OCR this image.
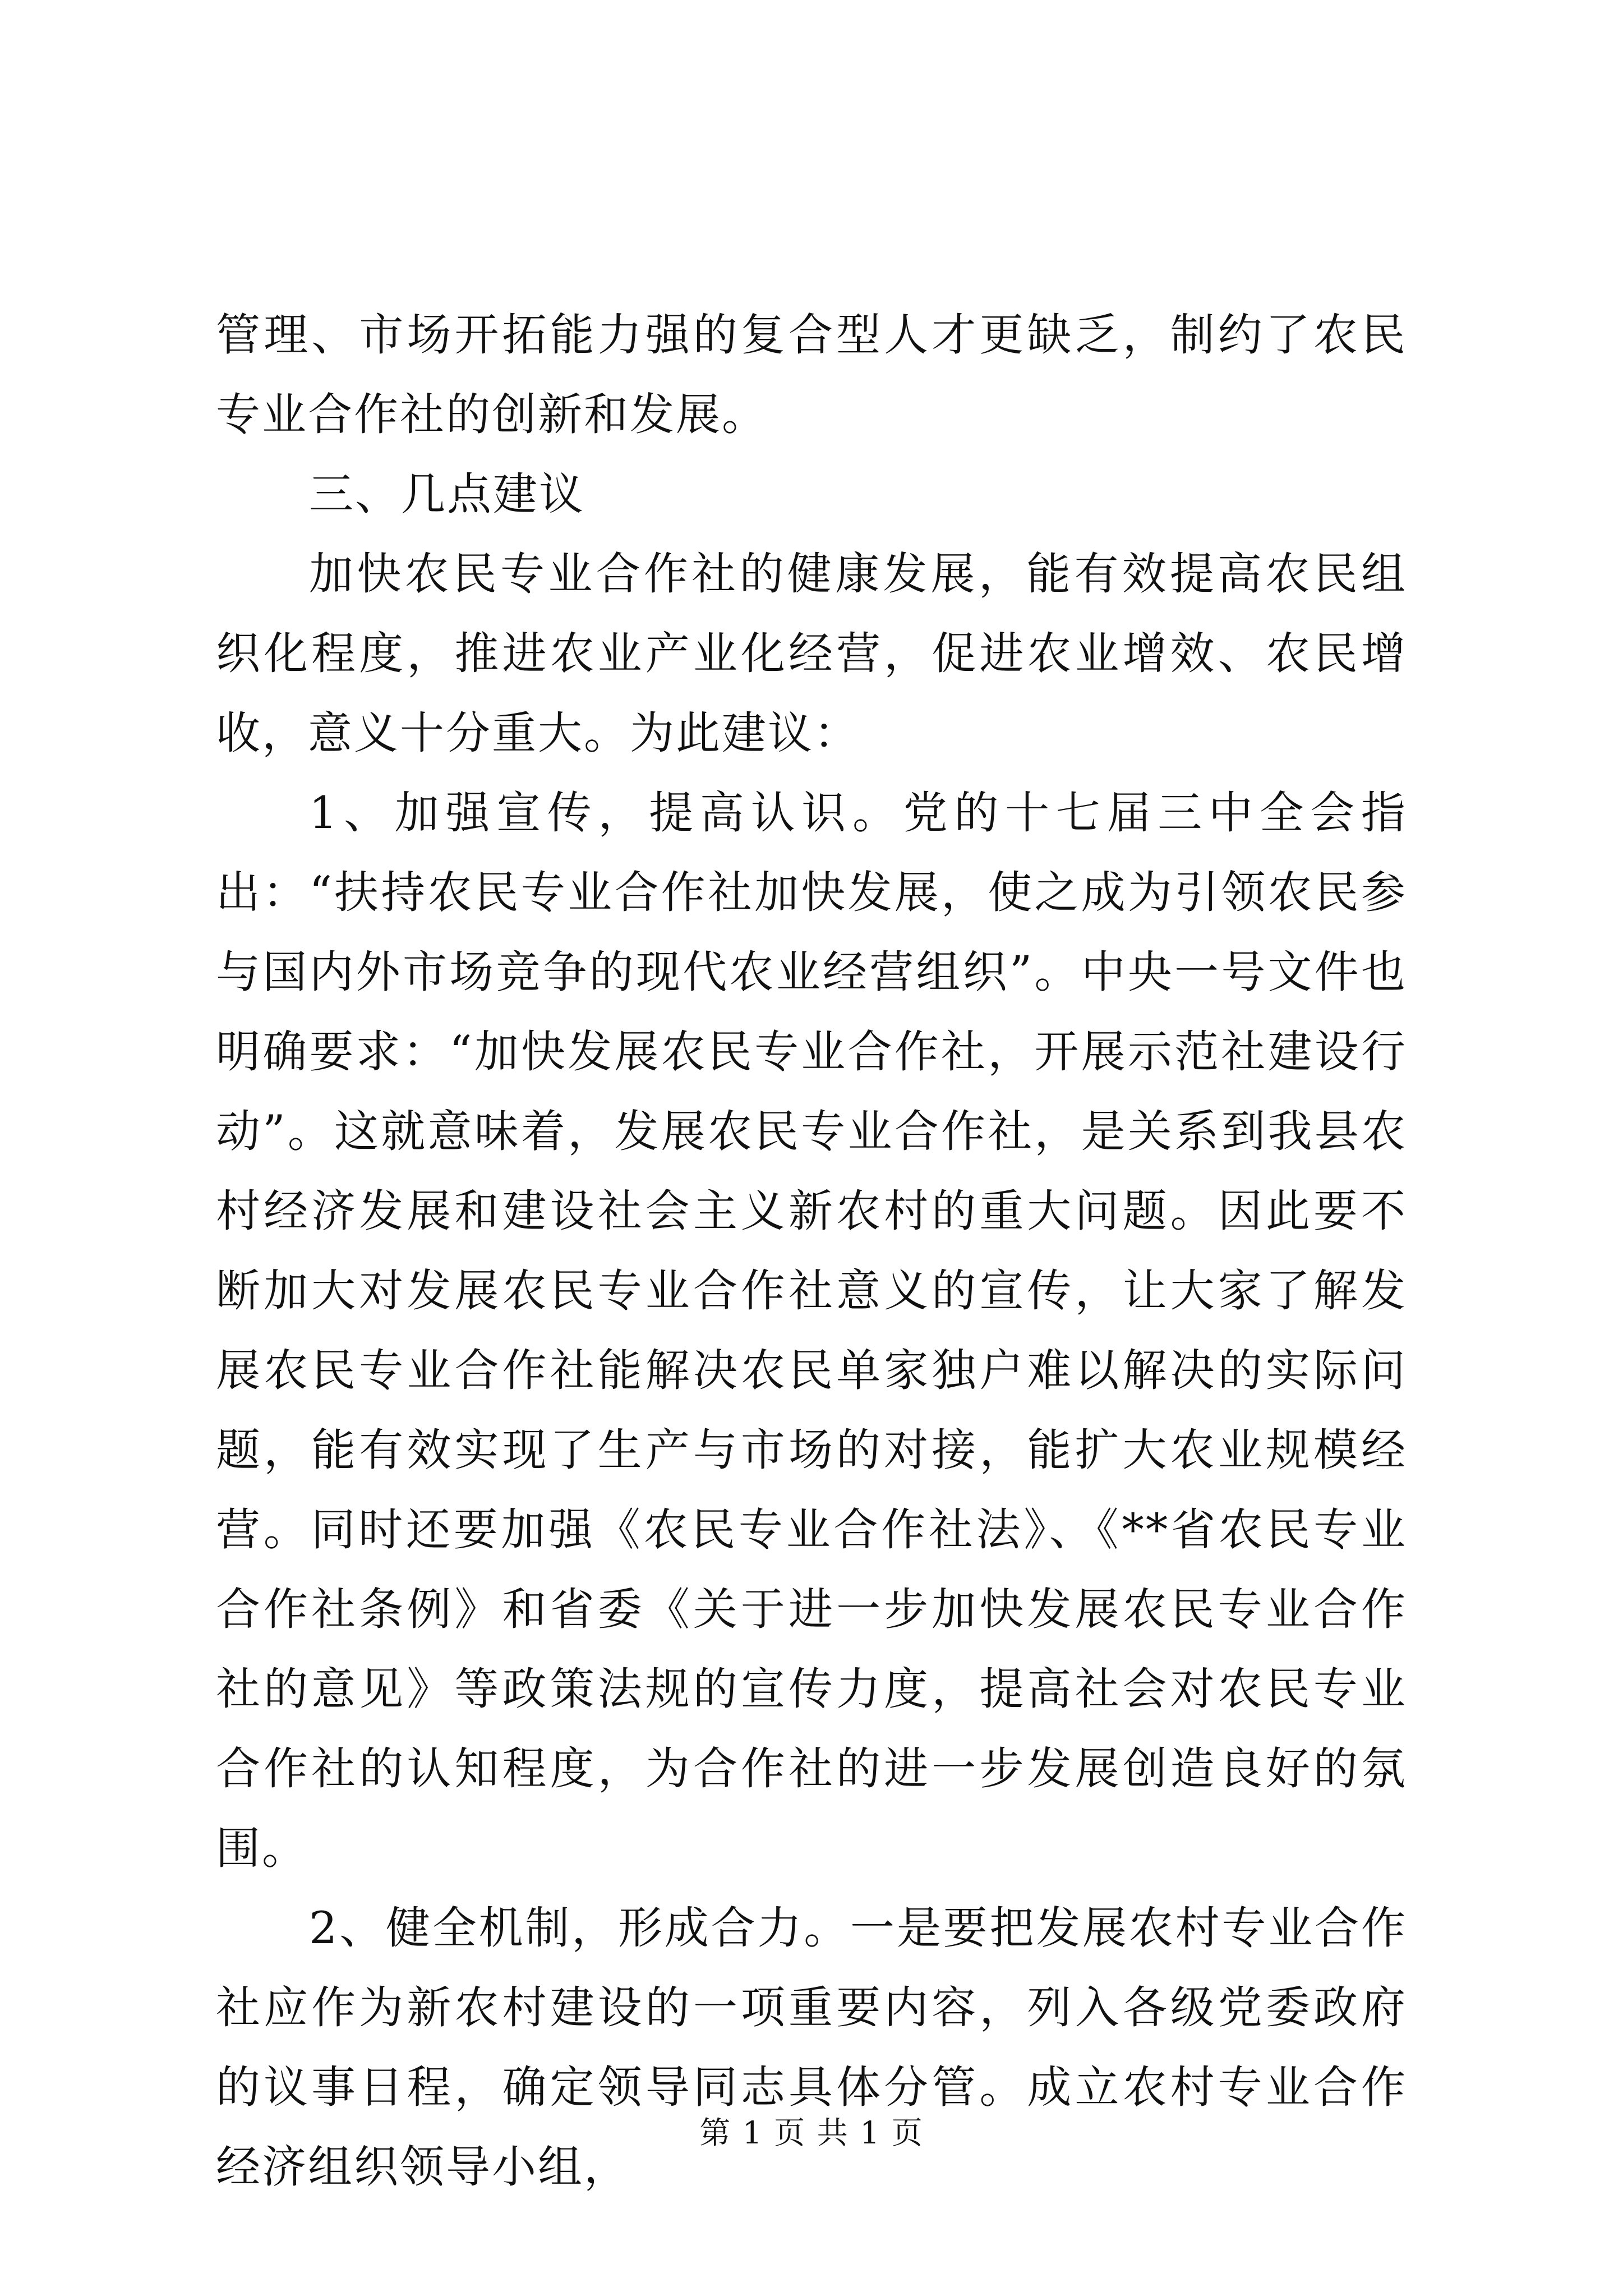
管理、市场开拓能力强的复合型人才更缺乏，制约了农民专业合作社的创新和发展。

三、几点建议

加快农民专业合作社的健康发展，能有效提高农民组织化程度，推进农业产业化经营，促进农业增效、农民增收，意义十分重大。为此建议：

1、加强宣传，提高认识。党的十七届三中全会指出：“扶持农民专业合作社加快发展，使之成为引领农民参与国内外市场竞争的现代农业经营组织”。中央一号文件也明确要求：“加快发展农民专业合作社，开展示范社建设行动”。这就意味着，发展农民专业合作社，是关系到我县农村经济发展和建设社会主义新农村的重大问题。因此要不断加大对发展农民专业合作社意义的宣传，让大家了解发展农民专业合作社能解决农民单家独户难以解决的实际问题，能有效实现了生产与市场的对接，能扩大农业规模经营。同时还要加强《农民专业合作社法》、《**省农民专业合作社条例》和省委《关于进一步加快发展农民专业合作社的意见》等政策法规的宣传力度，提高社会对农民专业合作社的认知程度，为合作社的进一步发展创造良好的氛围。

2、健全机制，形成合力。一是要把发展农村专业合作社应作为新农村建设的一项重要内容，列入各级党委政府的议事日程，确定领导同志具体分管。成立农村专业合作经济组织领导小组，

第 1 页 共 1 页
